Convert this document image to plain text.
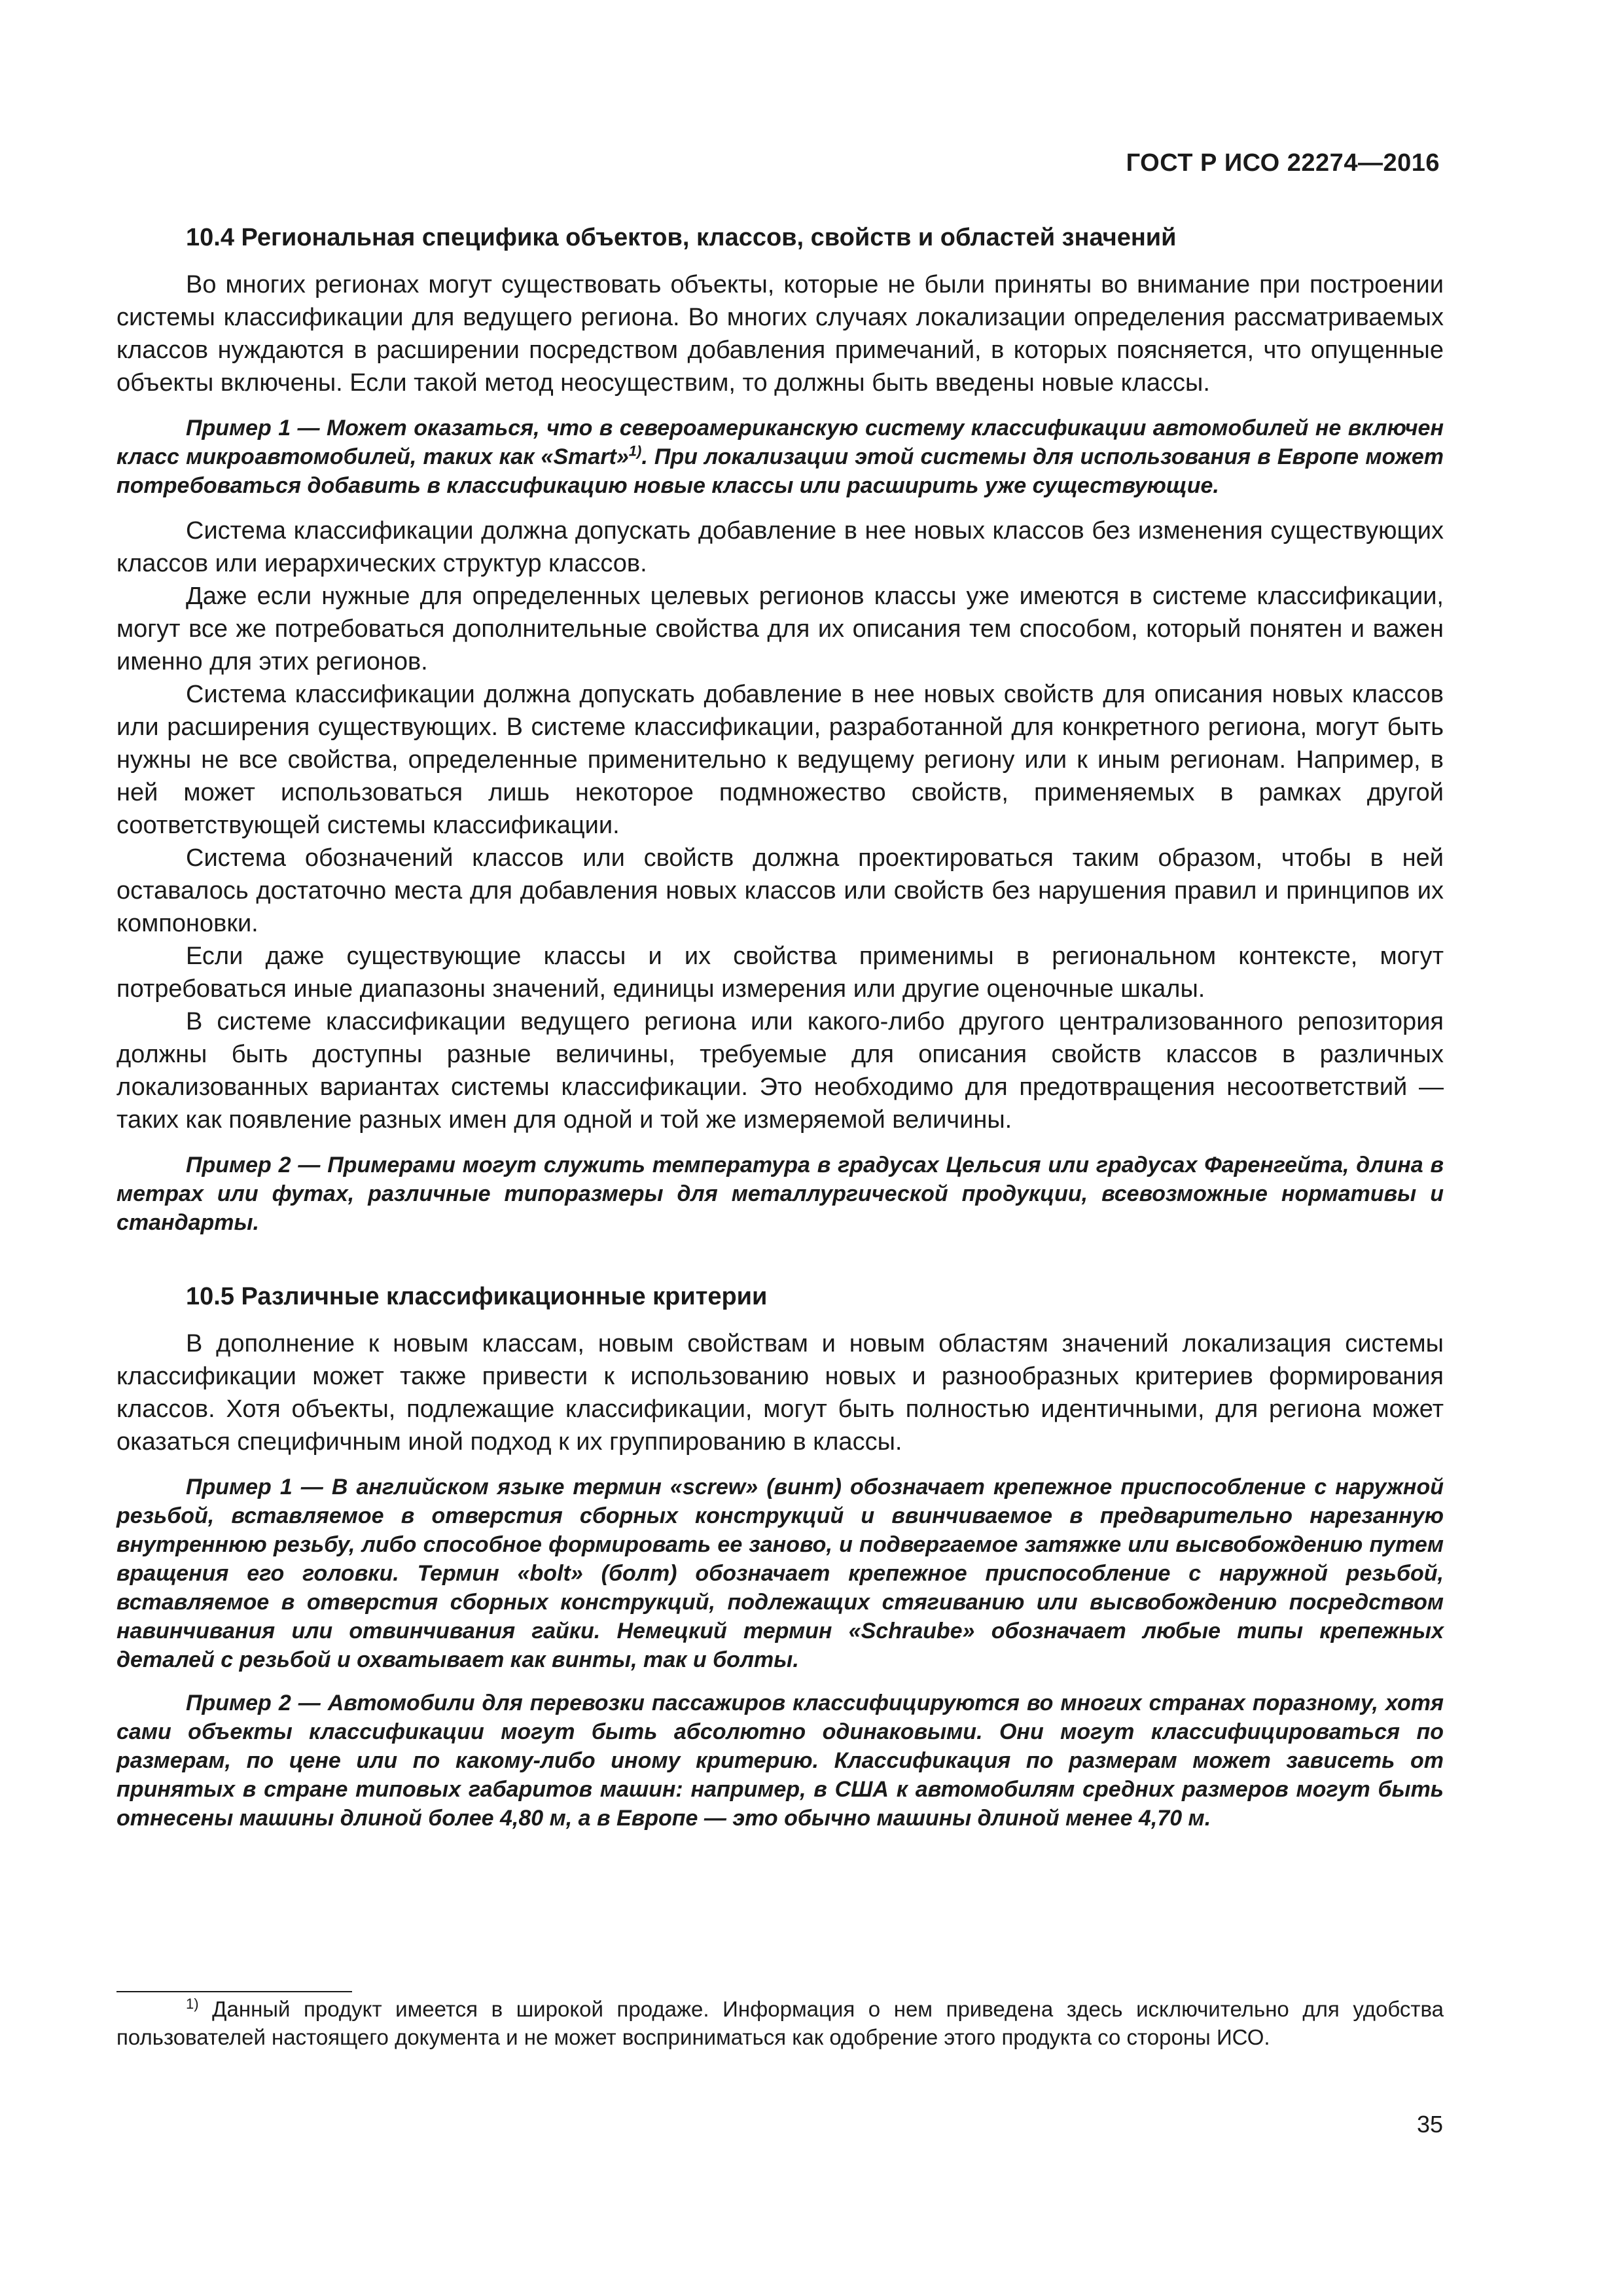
ГОСТ Р ИСО 22274—2016
10.4 Региональная специфика объектов, классов, свойств и областей значений

Во многих регионах могут существовать объекты, которые не были приняты во внимание при построении системы классификации для ведущего региона. Во многих случаях локализации определения рассматриваемых классов нуждаются в расширении посредством добавления примечаний, в которых поясняется, что опущенные объекты включены. Если такой метод неосуществим, то должны быть введены новые классы.

Пример 1 — Может оказаться, что в североамериканскую систему классификации автомобилей не включен класс микроавтомобилей, таких как «Smart»$^{1)}$. При локализации этой системы для использования в Европе может потребоваться добавить в классификацию новые классы или расширить уже существующие.

Система классификации должна допускать добавление в нее новых классов без изменения существующих классов или иерархических структур классов.

Даже если нужные для определенных целевых регионов классы уже имеются в системе классификации, могут все же потребоваться дополнительные свойства для их описания тем способом, который понятен и важен именно для этих регионов.

Система классификации должна допускать добавление в нее новых свойств для описания новых классов или расширения существующих. В системе классификации, разработанной для конкретного региона, могут быть нужны не все свойства, определенные применительно к ведущему региону или к иным регионам. Например, в ней может использоваться лишь некоторое подмножество свойств, применяемых в рамках другой соответствующей системы классификации.

Система обозначений классов или свойств должна проектироваться таким образом, чтобы в ней оставалось достаточно места для добавления новых классов или свойств без нарушения правил и принципов их компоновки.

Если даже существующие классы и их свойства применимы в региональном контексте, могут потребоваться иные диапазоны значений, единицы измерения или другие оценочные шкалы.

В системе классификации ведущего региона или какого-либо другого централизованного репозитория должны быть доступны разные величины, требуемые для описания свойств классов в различных локализованных вариантах системы классификации. Это необходимо для предотвращения несоответствий — таких как появление разных имен для одной и той же измеряемой величины.

Пример 2 — Примерами могут служить температура в градусах Цельсия или градусах Фаренгейта, длина в метрах или футах, различные типоразмеры для металлургической продукции, всевозможные нормативы и стандарты.

10.5 Различные классификационные критерии

В дополнение к новым классам, новым свойствам и новым областям значений локализация системы классификации может также привести к использованию новых и разнообразных критериев формирования классов. Хотя объекты, подлежащие классификации, могут быть полностью идентичными, для региона может оказаться специфичным иной подход к их группированию в классы.

Пример 1 — В английском языке термин «screw» (винт) обозначает крепежное приспособление с наружной резьбой, вставляемое в отверстия сборных конструкций и ввинчиваемое в предварительно нарезанную внутреннюю резьбу, либо способное формировать ее заново, и подвергаемое затяжке или высвобождению путем вращения его головки. Термин «bolt» (болт) обозначает крепежное приспособление с наружной резьбой, вставляемое в отверстия сборных конструкций, подлежащих стягиванию или высвобождению посредством навинчивания или отвинчивания гайки. Немецкий термин «Schraube» обозначает любые типы крепежных деталей с резьбой и охватывает как винты, так и болты.

Пример 2 — Автомобили для перевозки пассажиров классифицируются во многих странах поразному, хотя сами объекты классификации могут быть абсолютно одинаковыми. Они могут классифицироваться по размерам, по цене или по какому-либо иному критерию. Классификация по размерам может зависеть от принятых в стране типовых габаритов машин: например, в США к автомобилям средних размеров могут быть отнесены машины длиной более 4,80 м, а в Европе — это обычно машины длиной менее 4,70 м.

$^{1)}$ Данный продукт имеется в широкой продаже. Информация о нем приведена здесь исключительно для удобства пользователей настоящего документа и не может восприниматься как одобрение этого продукта со стороны ИСО.

35
